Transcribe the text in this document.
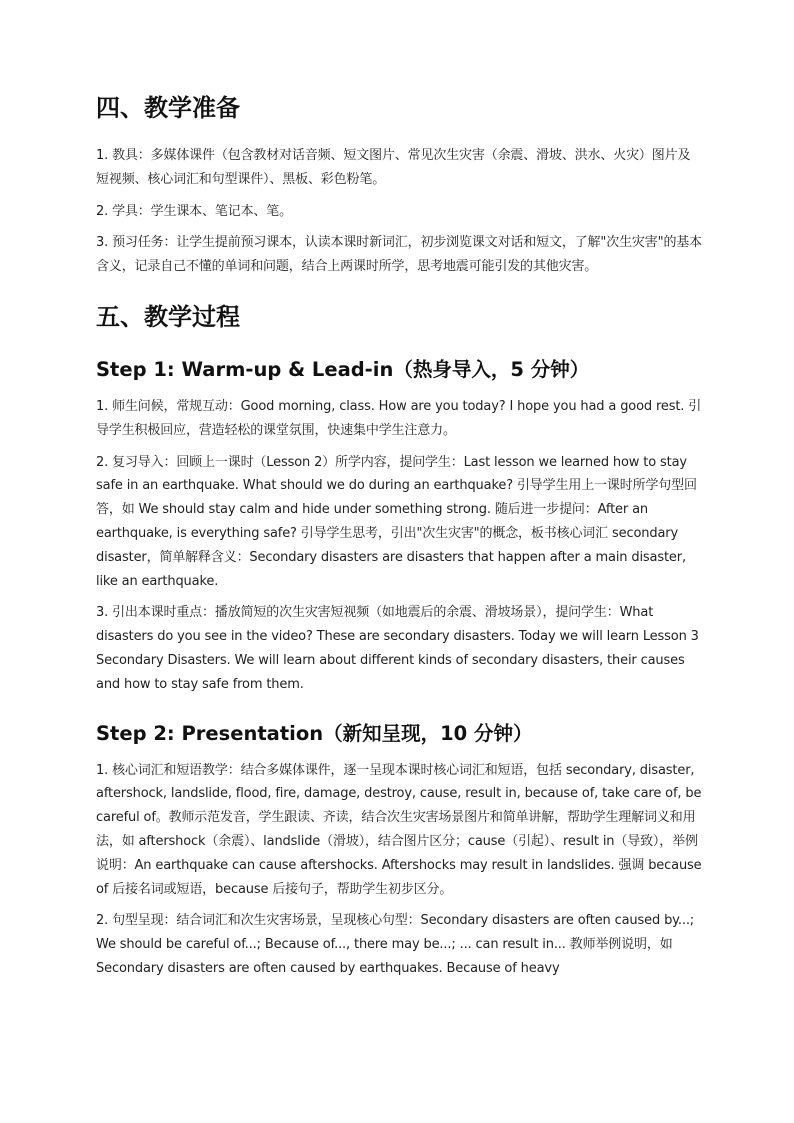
四、教学准备

1. 教具：多媒体课件（包含教材对话音频、短文图片、常见次生灾害（余震、滑坡、洪水、火灾）图片及短视频、核心词汇和句型课件）、黑板、彩色粉笔。

2. 学具：学生课本、笔记本、笔。

3. 预习任务：让学生提前预习课本，认读本课时新词汇，初步浏览课文对话和短文，了解"次生灾害"的基本含义，记录自己不懂的单词和问题，结合上两课时所学，思考地震可能引发的其他灾害。

五、教学过程
Step 1: Warm-up & Lead-in（热身导入，5 分钟）

1. 师生问候，常规互动：Good morning, class. How are you today? I hope you had a good rest. 引导学生积极回应，营造轻松的课堂氛围，快速集中学生注意力。

2. 复习导入：回顾上一课时（Lesson 2）所学内容，提问学生：Last lesson we learned how to stay safe in an earthquake. What should we do during an earthquake? 引导学生用上一课时所学句型回答，如 We should stay calm and hide under something strong. 随后进一步提问：After an earthquake, is everything safe? 引导学生思考，引出"次生灾害"的概念，板书核心词汇 secondary disaster，简单解释含义：Secondary disasters are disasters that happen after a main disaster, like an earthquake.

3. 引出本课时重点：播放简短的次生灾害短视频（如地震后的余震、滑坡场景），提问学生：What disasters do you see in the video? These are secondary disasters. Today we will learn Lesson 3 Secondary Disasters. We will learn about different kinds of secondary disasters, their causes and how to stay safe from them.

Step 2: Presentation（新知呈现，10 分钟）

1. 核心词汇和短语教学：结合多媒体课件，逐一呈现本课时核心词汇和短语，包括 secondary, disaster, aftershock, landslide, flood, fire, damage, destroy, cause, result in, because of, take care of, be careful of。教师示范发音，学生跟读、齐读，结合次生灾害场景图片和简单讲解，帮助学生理解词义和用法，如 aftershock（余震）、landslide（滑坡），结合图片区分；cause（引起）、result in（导致），举例说明：An earthquake can cause aftershocks. Aftershocks may result in landslides. 强调 because of 后接名词或短语，because 后接句子，帮助学生初步区分。

2. 句型呈现：结合词汇和次生灾害场景，呈现核心句型：Secondary disasters are often caused by...; We should be careful of...; Because of..., there may be...; ... can result in... 教师举例说明，如 Secondary disasters are often caused by earthquakes. Because of heavy
